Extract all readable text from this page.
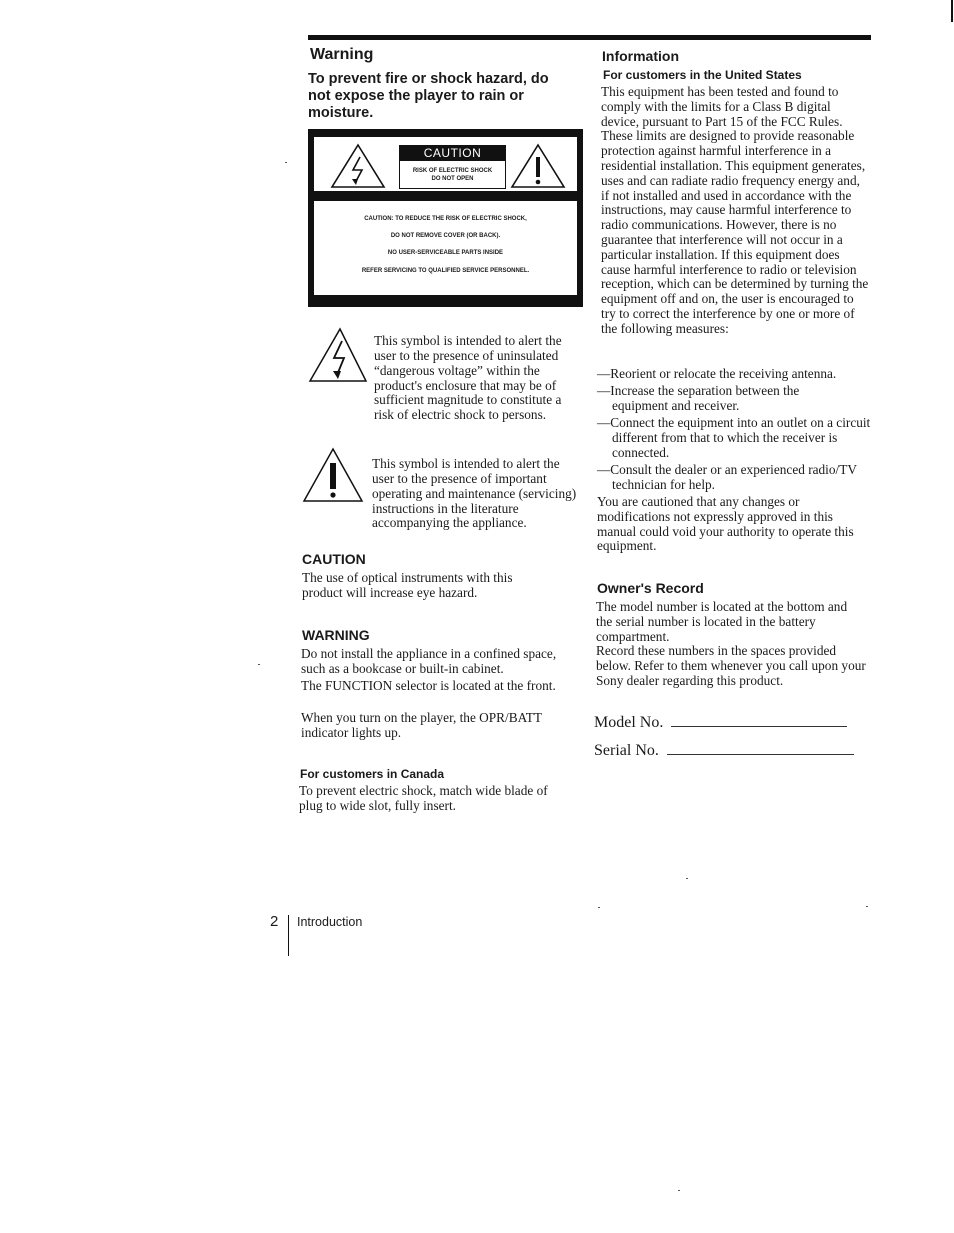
Warning

To prevent fire or shock hazard, do not expose the player to rain or moisture.

CAUTION
RISK OF ELECTRIC SHOCK
DO NOT OPEN

CAUTION: TO REDUCE THE RISK OF ELECTRIC SHOCK,

DO NOT REMOVE COVER (OR BACK).

NO USER-SERVICEABLE PARTS INSIDE

REFER SERVICING TO QUALIFIED SERVICE PERSONNEL.

This symbol is intended to alert the user to the presence of uninsulated “dangerous voltage” within the product's enclosure that may be of sufficient magnitude to constitute a risk of electric shock to persons.

This symbol is intended to alert the user to the presence of important operating and maintenance (servicing) instructions in the literature accompanying the appliance.

CAUTION

The use of optical instruments with this product will increase eye hazard.

WARNING

Do not install the appliance in a confined space, such as a bookcase or built-in cabinet.

The FUNCTION selector is located at the front.

When you turn on the player, the OPR/BATT indicator lights up.

For customers in Canada

To prevent electric shock, match wide blade of plug to wide slot, fully insert.

Information
For customers in the United States

This equipment has been tested and found to comply with the limits for a Class B digital device, pursuant to Part 15 of the FCC Rules. These limits are designed to provide reasonable protection against harmful interference in a residential installation. This equipment generates, uses and can radiate radio frequency energy and, if not installed and used in accordance with the instructions, may cause harmful interference to radio communications. However, there is no guarantee that interference will not occur in a particular installation. If this equipment does cause harmful interference to radio or television reception, which can be determined by turning the equipment off and on, the user is encouraged to try to correct the interference by one or more of the following measures:

—Reorient or relocate the receiving antenna.

—Increase the separation between the equipment and receiver.

—Connect the equipment into an outlet on a circuit different from that to which the receiver is connected.

—Consult the dealer or an experienced radio/TV technician for help.

You are cautioned that any changes or modifications not expressly approved in this manual could void your authority to operate this equipment.

Owner's Record

The model number is located at the bottom and the serial number is located in the battery compartment.

Record these numbers in the spaces provided below. Refer to them whenever you call upon your Sony dealer regarding this product.

Model No.
Serial No.
2 Introduction
